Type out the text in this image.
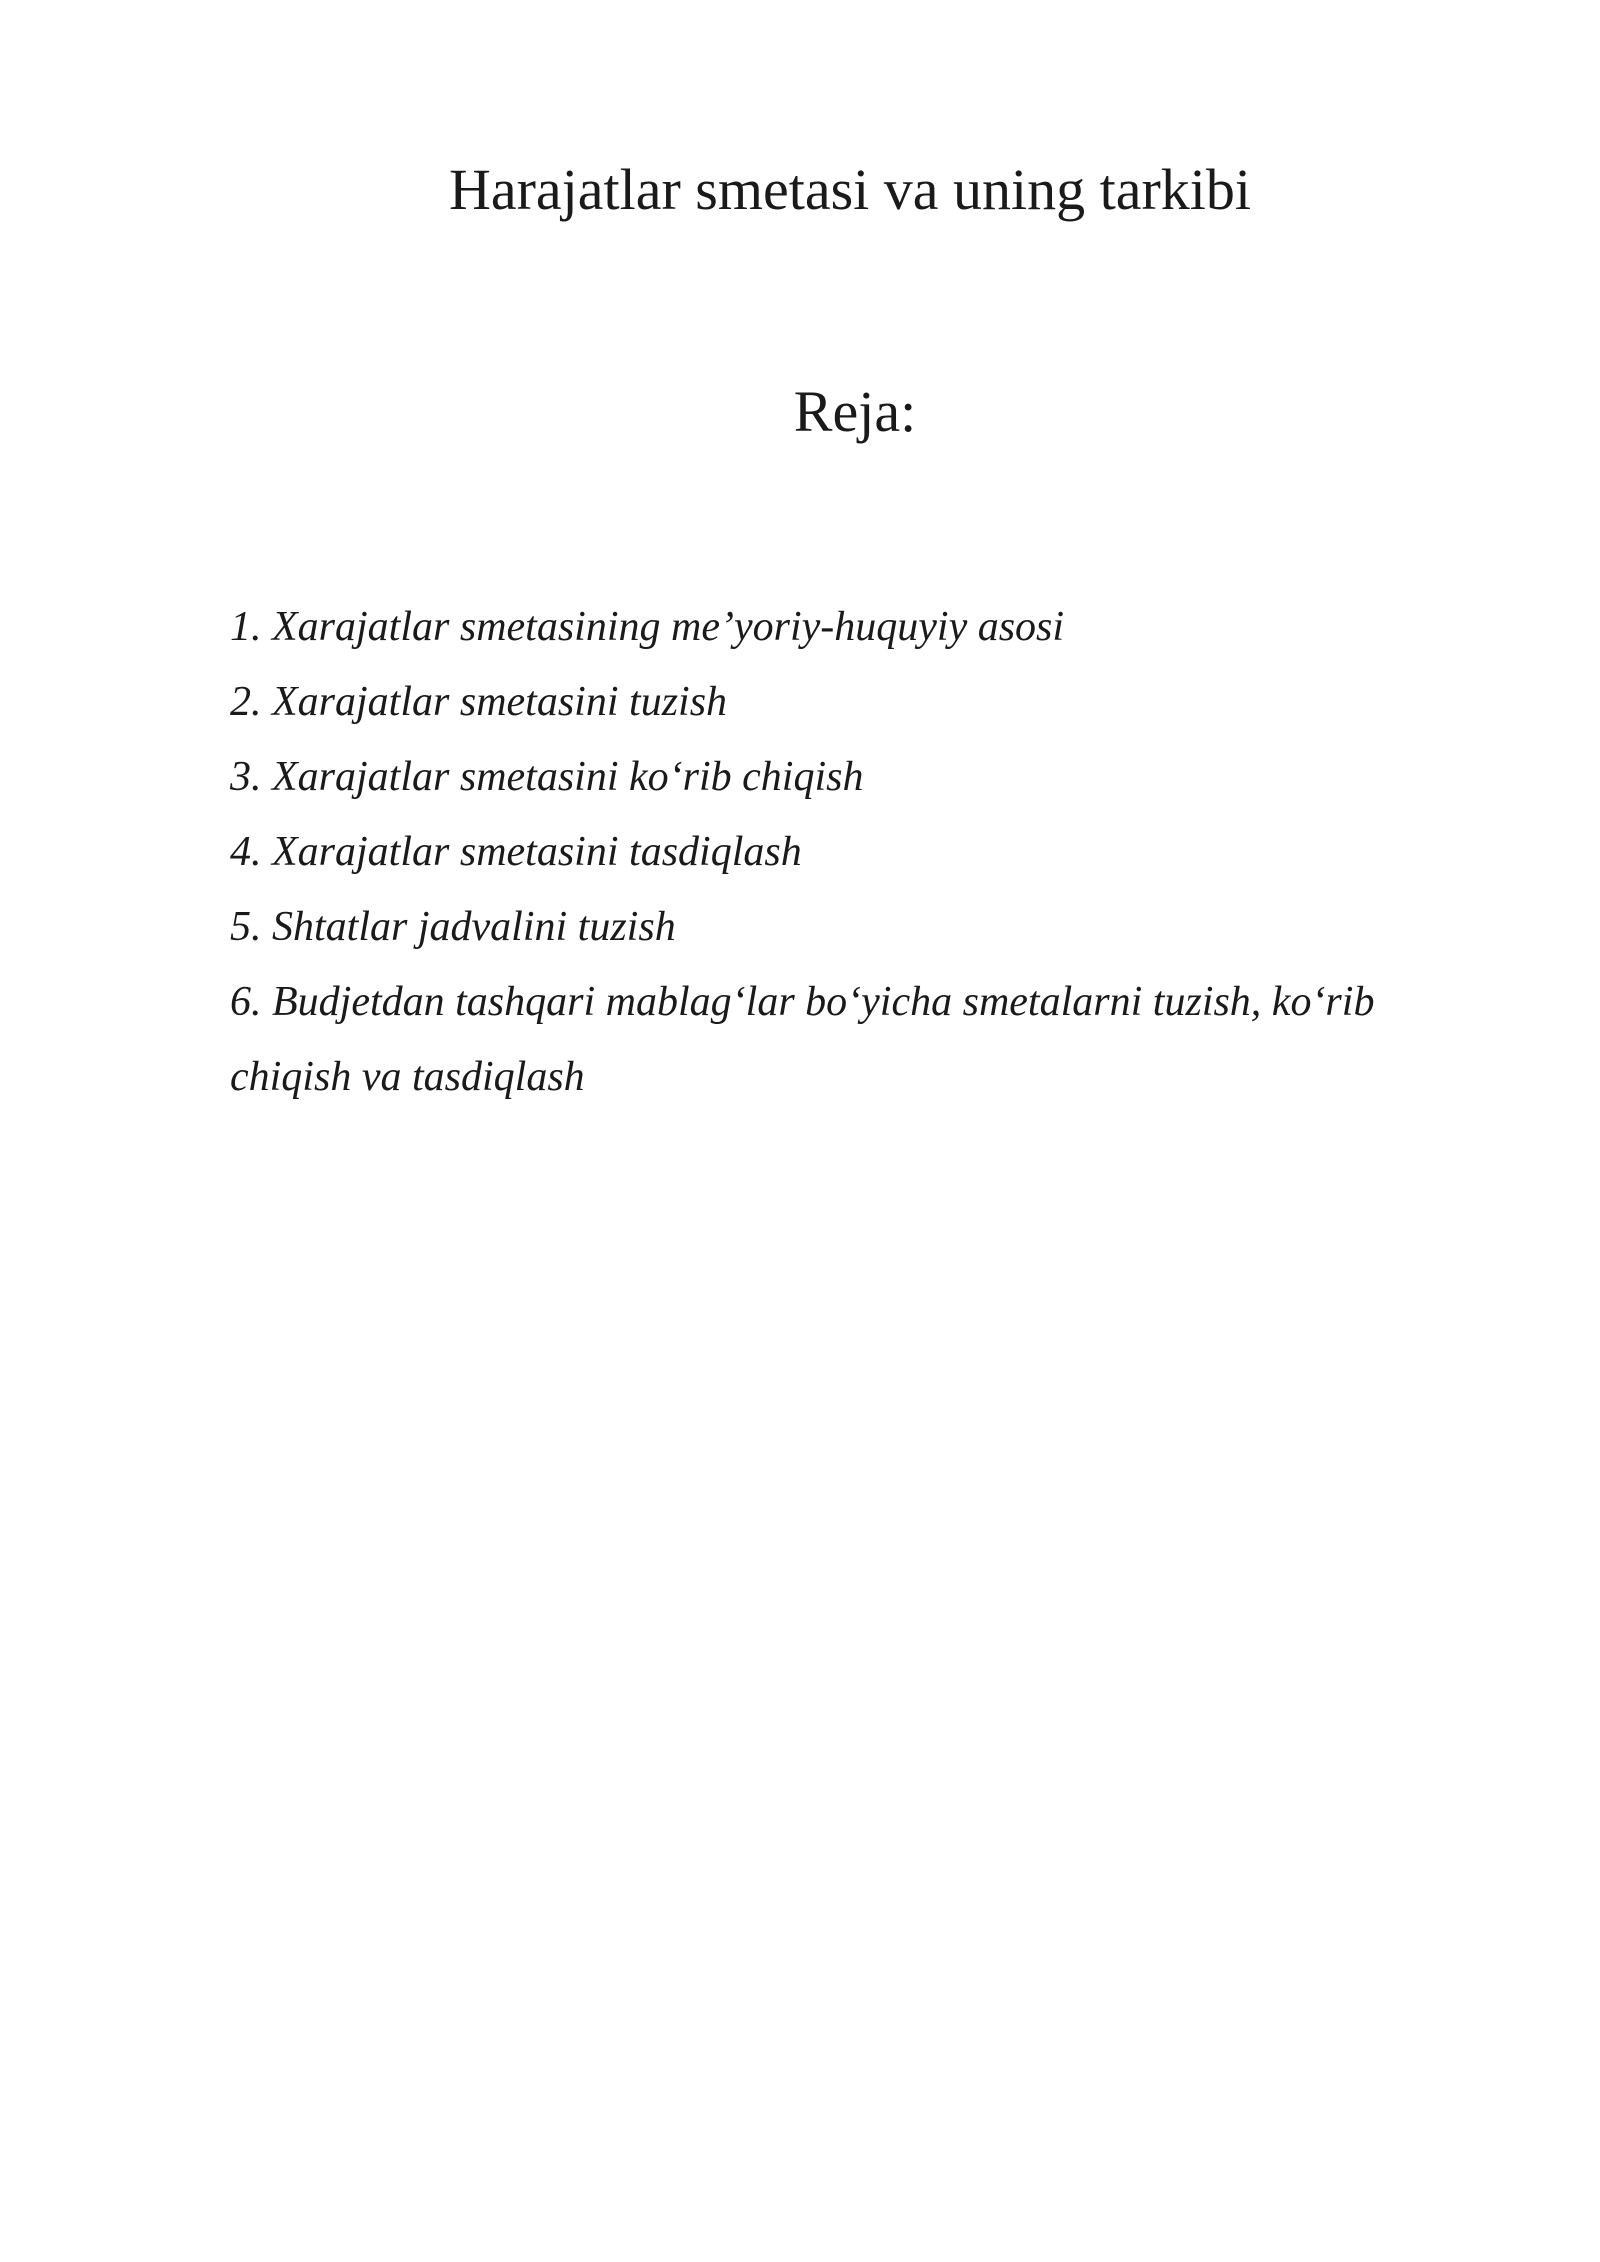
Harajatlar smetasi va uning tarkibi
Reja:
1. Xarajatlar smetasining me’yoriy-huquyiy asosi
2. Xarajatlar smetasini tuzish
3. Xarajatlar smetasini ko‘rib chiqish
4. Xarajatlar smetasini tasdiqlash
5. Shtatlar jadvalini tuzish
6. Budjetdan tashqari mablag‘lar bo‘yicha smetalarni tuzish, ko‘rib chiqish va tasdiqlash
